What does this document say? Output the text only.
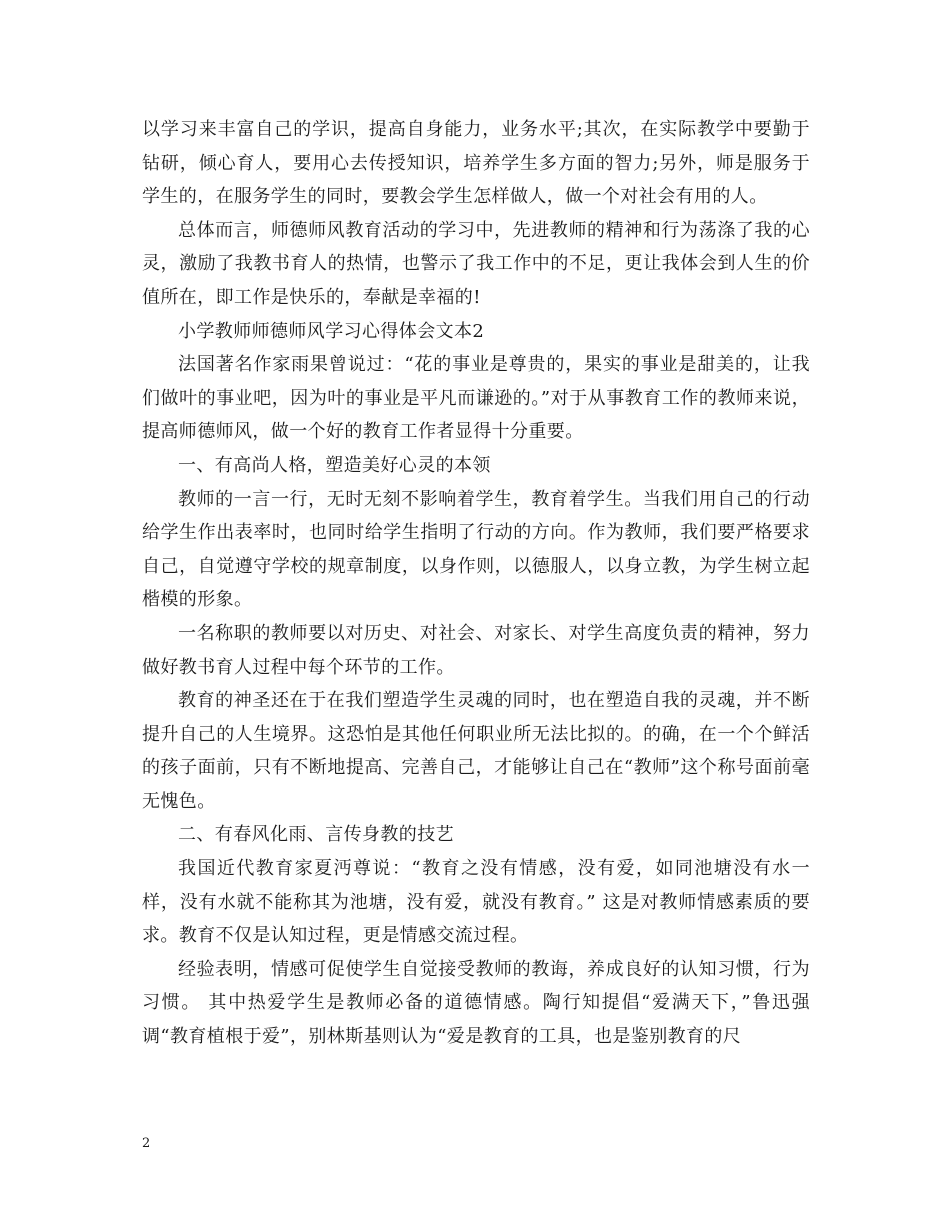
以学习来丰富自己的学识，提高自身能力，业务水平;其次，在实际教学中要勤于钻研，倾心育人，要用心去传授知识，培养学生多方面的智力;另外，师是服务于学生的，在服务学生的同时，要教会学生怎样做人，做一个对社会有用的人。

总体而言，师德师风教育活动的学习中，先进教师的精神和行为荡涤了我的心灵，激励了我教书育人的热情，也警示了我工作中的不足，更让我体会到人生的价值所在，即工作是快乐的，奉献是幸福的!

小学教师师德师风学习心得体会文本2

法国著名作家雨果曾说过：“花的事业是尊贵的，果实的事业是甜美的，让我们做叶的事业吧，因为叶的事业是平凡而谦逊的。”对于从事教育工作的教师来说，提高师德师风，做一个好的教育工作者显得十分重要。

一、有高尚人格，塑造美好心灵的本领

教师的一言一行，无时无刻不影响着学生，教育着学生。当我们用自己的行动给学生作出表率时，也同时给学生指明了行动的方向。作为教师，我们要严格要求自己，自觉遵守学校的规章制度，以身作则，以德服人，以身立教，为学生树立起楷模的形象。

一名称职的教师要以对历史、对社会、对家长、对学生高度负责的精神，努力做好教书育人过程中每个环节的工作。

教育的神圣还在于在我们塑造学生灵魂的同时，也在塑造自我的灵魂，并不断提升自己的人生境界。这恐怕是其他任何职业所无法比拟的。的确，在一个个鲜活的孩子面前，只有不断地提高、完善自己，才能够让自己在“教师”这个称号面前毫无愧色。

二、有春风化雨、言传身教的技艺

我国近代教育家夏沔尊说：“教育之没有情感，没有爱，如同池塘没有水一样，没有水就不能称其为池塘，没有爱，就没有教育。” 这是对教师情感素质的要求。教育不仅是认知过程，更是情感交流过程。

经验表明，情感可促使学生自觉接受教师的教诲，养成良好的认知习惯，行为习惯。 其中热爱学生是教师必备的道德情感。陶行知提倡“爱满天下，”鲁迅强调“教育植根于爱”，别林斯基则认为“爱是教育的工具，也是鉴别教育的尺

2
